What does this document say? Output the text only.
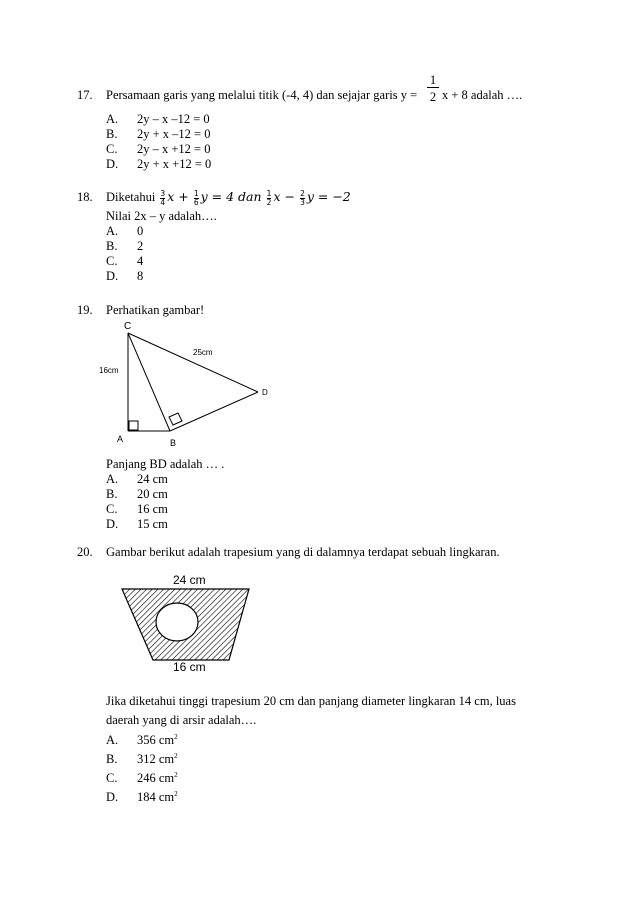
17. Persamaan garis yang melalui titik (-4, 4) dan sejajar garis $y = \frac{1}{2}$ x + 8 adalah ….
A. 2y – x –12 = 0
B. 2y + x –12 = 0
C. 2y – x +12 = 0
D. 2y + x +12 = 0
18. Diketahui $\frac{3}{4}$ 𝑥 + $\frac{1}{6}$ 𝑦 = 4 𝑑𝑎𝑛 $\frac{1}{2}$ 𝑥 − $\frac{2}{3}$ 𝑦 = −2
Nilai 2x – y adalah….
A. 0
B. 2
C. 4
D. 8
19. Perhatikan gambar!
C
A	B
D
16cm
25cm
Panjang BD adalah … .
A. 24 cm
B. 20 cm
C. 16 cm
D. 15 cm
20. Gambar berikut adalah trapesium yang di dalamnya terdapat sebuah lingkaran.
24 cm
16 cm
Jika diketahui tinggi trapesium 20 cm dan panjang diameter lingkaran 14 cm, luas
daerah yang di arsir adalah….
A. 356 $cm^2$
B. 312 $cm^2$
C. 246 $cm^2$
D. 184 $cm^2$
